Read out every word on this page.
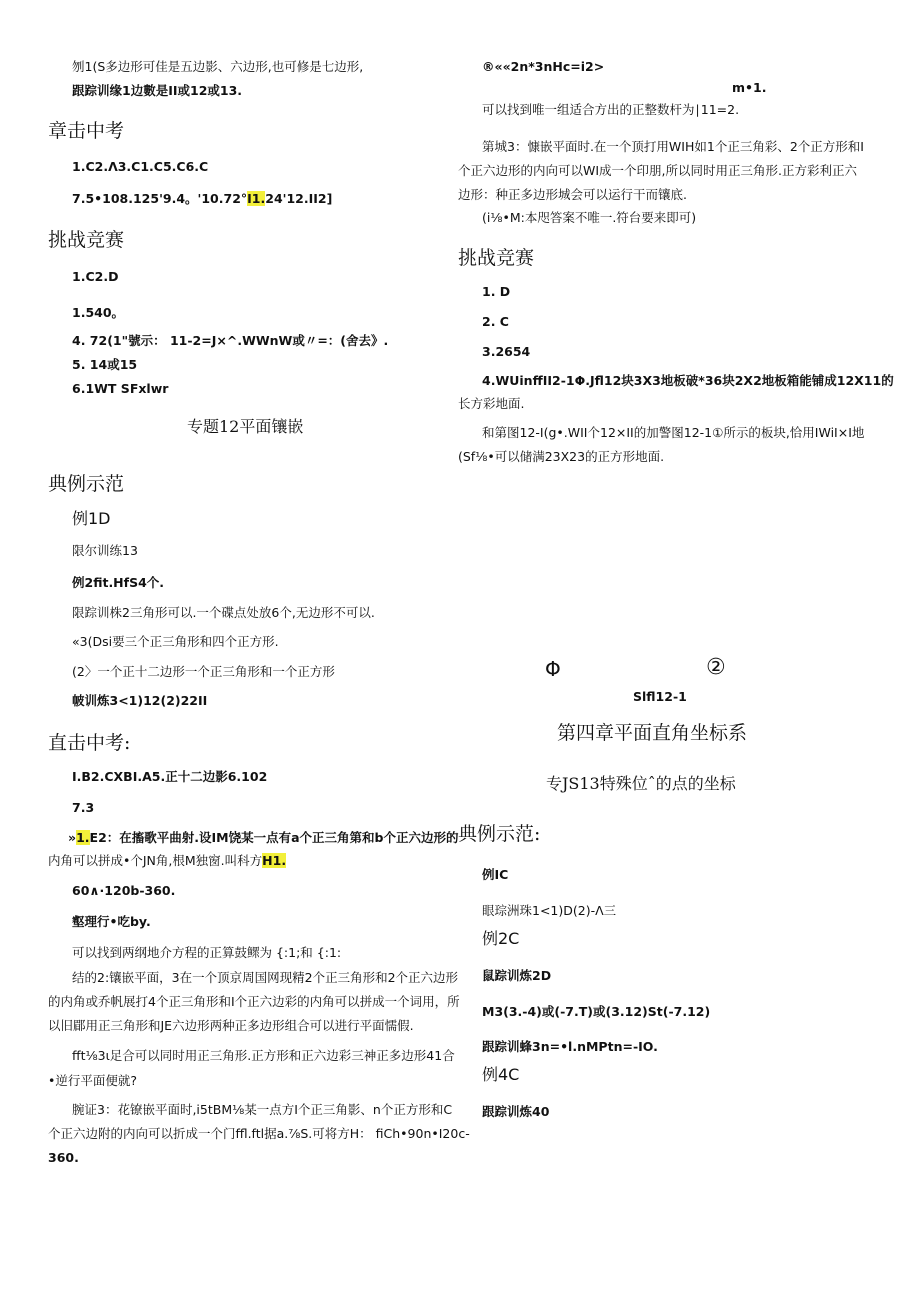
刎1(S多边形可佳是五边影、六边形,也可修是七边形,
跟踪训缘1边數是II或12或13.
章击中考
1.C2.Λ3.C1.C5.C6.C
7.5•108.125'9.4。'10.72°I1.24'12.II2]
挑战竞赛
1.C2.D
1.540。
4. 72(1"號示： 11-2=J×^.WWnW或〃=：(舍去》.
5. 14或15
6.1WT SFxlwr
专题12平面镶嵌
典例示范
例1D
限尔训练13
例2fit.HfS4个.
限踪训株2三角形可以.一个碟点处放6个,无边形不可以.
«3(Dsi要三个正三角形和四个正方形.
(2〉一个正十二边形一个正三角形和一个正方形
帔训炼3<1)12(2)22II
直击中考:
I.B2.CXBI.A5.正十二边影6.102
7.3
»1.E2：在搐歌平曲射.设IM饶某一点有a个正三角第和b个正六边形的
内角可以拼成•个JN角,根M独窗.叫科方H1.
60∧·120b-360.
壑理行•吃by.
可以找到两纲地介方程的正算鼓鳏为 {:1;和 {:1:
结的2:镶嵌平面，3在一个顶京周国网现精2个正三角形和2个正六边形
的内角或乔帆展打4个正三角形和I个正六边彩的内角可以拼成一个词用，所
以旧郿用正三角形和JE六边形两种正多边形组合可以进行平面懦假.
fft⅛3ι足合可以同时用正三角形.正方形和正六边彩三神正多边形41合
•逆行平面便就?
腕证3：花镣嵌平面时,i5tBM⅛某一点方I个正三角影、n个正方形和C
个正六边附的内向可以折成一个门ffl.ftl据a.⅞S.可将方H： fiCh•90n•I20c-
360.
®««2n*3nHc=i2>
m•1.
可以找到唯一组适合方出的正整数杆为∣11=2.
第城3：慷嵌平面时.在一个顶打用WIH如1个正三角彩、2个正方形和I
个正六边形的内向可以WI成一个印朋,所以同时用正三角形.正方彩利正六
边形：种正多边形城会可以运行干而镶底.
(i⅛•M:本咫答案不唯一.符台要来即可)
挑战竞赛
1. D
2. C
3.2654
4.WUinffII2-1Φ.Jfl12块3X3地板破*36块2X2地板箱能铺成12X11的
长方彩地面.
和第图12-I(g•.WII个12×II的加警图12-1①所示的板块,恰用IWiI×I地
(Sf⅛•可以储满23X23的正方形地面.
Φ	②
Slfl12-1
第四章平面直角坐标系
专JS13特殊位ˆ的点的坐标
典例示范:
例IC
眼琮洲珠1<1)D(2)-Λ三
例2C
鼠踪训炼2D
M3(3.-4)或(-7.T)或(3.12)St(-7.12)
跟踪训蜂3n=•l.nMPtn=-IO.
例4C
跟踪训炼40
